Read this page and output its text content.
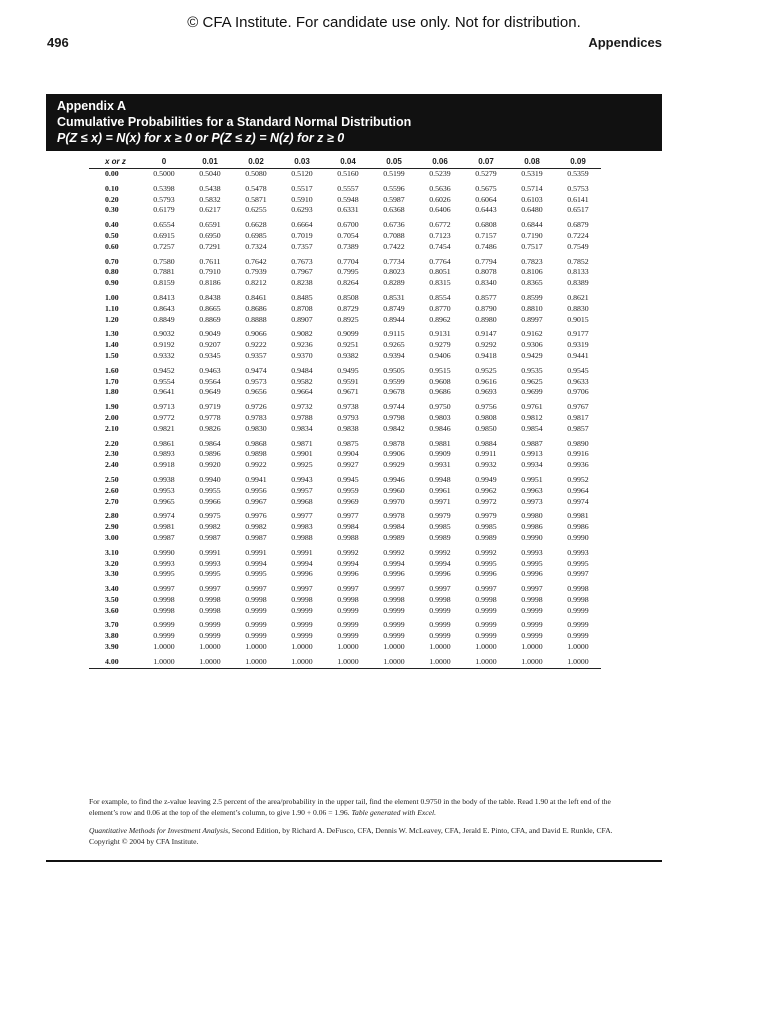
© CFA Institute. For candidate use only. Not for distribution.
496	Appendices
Appendix A
Cumulative Probabilities for a Standard Normal Distribution
P(Z ≤ x) = N(x) for x ≥ 0 or P(Z ≤ z) = N(z) for z ≥ 0
x or z	0	0.01	0.02	0.03	0.04	0.05	0.06	0.07	0.08	0.09
0.00	0.5000	0.5040	0.5080	0.5120	0.5160	0.5199	0.5239	0.5279	0.5319	0.5359
0.10	0.5398	0.5438	0.5478	0.5517	0.5557	0.5596	0.5636	0.5675	0.5714	0.5753
0.20	0.5793	0.5832	0.5871	0.5910	0.5948	0.5987	0.6026	0.6064	0.6103	0.6141
0.30	0.6179	0.6217	0.6255	0.6293	0.6331	0.6368	0.6406	0.6443	0.6480	0.6517
0.40	0.6554	0.6591	0.6628	0.6664	0.6700	0.6736	0.6772	0.6808	0.6844	0.6879
0.50	0.6915	0.6950	0.6985	0.7019	0.7054	0.7088	0.7123	0.7157	0.7190	0.7224
0.60	0.7257	0.7291	0.7324	0.7357	0.7389	0.7422	0.7454	0.7486	0.7517	0.7549
0.70	0.7580	0.7611	0.7642	0.7673	0.7704	0.7734	0.7764	0.7794	0.7823	0.7852
0.80	0.7881	0.7910	0.7939	0.7967	0.7995	0.8023	0.8051	0.8078	0.8106	0.8133
0.90	0.8159	0.8186	0.8212	0.8238	0.8264	0.8289	0.8315	0.8340	0.8365	0.8389
1.00	0.8413	0.8438	0.8461	0.8485	0.8508	0.8531	0.8554	0.8577	0.8599	0.8621
1.10	0.8643	0.8665	0.8686	0.8708	0.8729	0.8749	0.8770	0.8790	0.8810	0.8830
1.20	0.8849	0.8869	0.8888	0.8907	0.8925	0.8944	0.8962	0.8980	0.8997	0.9015
1.30	0.9032	0.9049	0.9066	0.9082	0.9099	0.9115	0.9131	0.9147	0.9162	0.9177
1.40	0.9192	0.9207	0.9222	0.9236	0.9251	0.9265	0.9279	0.9292	0.9306	0.9319
1.50	0.9332	0.9345	0.9357	0.9370	0.9382	0.9394	0.9406	0.9418	0.9429	0.9441
1.60	0.9452	0.9463	0.9474	0.9484	0.9495	0.9505	0.9515	0.9525	0.9535	0.9545
1.70	0.9554	0.9564	0.9573	0.9582	0.9591	0.9599	0.9608	0.9616	0.9625	0.9633
1.80	0.9641	0.9649	0.9656	0.9664	0.9671	0.9678	0.9686	0.9693	0.9699	0.9706
1.90	0.9713	0.9719	0.9726	0.9732	0.9738	0.9744	0.9750	0.9756	0.9761	0.9767
2.00	0.9772	0.9778	0.9783	0.9788	0.9793	0.9798	0.9803	0.9808	0.9812	0.9817
2.10	0.9821	0.9826	0.9830	0.9834	0.9838	0.9842	0.9846	0.9850	0.9854	0.9857
2.20	0.9861	0.9864	0.9868	0.9871	0.9875	0.9878	0.9881	0.9884	0.9887	0.9890
2.30	0.9893	0.9896	0.9898	0.9901	0.9904	0.9906	0.9909	0.9911	0.9913	0.9916
2.40	0.9918	0.9920	0.9922	0.9925	0.9927	0.9929	0.9931	0.9932	0.9934	0.9936
2.50	0.9938	0.9940	0.9941	0.9943	0.9945	0.9946	0.9948	0.9949	0.9951	0.9952
2.60	0.9953	0.9955	0.9956	0.9957	0.9959	0.9960	0.9961	0.9962	0.9963	0.9964
2.70	0.9965	0.9966	0.9967	0.9968	0.9969	0.9970	0.9971	0.9972	0.9973	0.9974
2.80	0.9974	0.9975	0.9976	0.9977	0.9977	0.9978	0.9979	0.9979	0.9980	0.9981
2.90	0.9981	0.9982	0.9982	0.9983	0.9984	0.9984	0.9985	0.9985	0.9986	0.9986
3.00	0.9987	0.9987	0.9987	0.9988	0.9988	0.9989	0.9989	0.9989	0.9990	0.9990
3.10	0.9990	0.9991	0.9991	0.9991	0.9992	0.9992	0.9992	0.9992	0.9993	0.9993
3.20	0.9993	0.9993	0.9994	0.9994	0.9994	0.9994	0.9994	0.9995	0.9995	0.9995
3.30	0.9995	0.9995	0.9995	0.9996	0.9996	0.9996	0.9996	0.9996	0.9996	0.9997
3.40	0.9997	0.9997	0.9997	0.9997	0.9997	0.9997	0.9997	0.9997	0.9997	0.9998
3.50	0.9998	0.9998	0.9998	0.9998	0.9998	0.9998	0.9998	0.9998	0.9998	0.9998
3.60	0.9998	0.9998	0.9999	0.9999	0.9999	0.9999	0.9999	0.9999	0.9999	0.9999
3.70	0.9999	0.9999	0.9999	0.9999	0.9999	0.9999	0.9999	0.9999	0.9999	0.9999
3.80	0.9999	0.9999	0.9999	0.9999	0.9999	0.9999	0.9999	0.9999	0.9999	0.9999
3.90	1.0000	1.0000	1.0000	1.0000	1.0000	1.0000	1.0000	1.0000	1.0000	1.0000
4.00	1.0000	1.0000	1.0000	1.0000	1.0000	1.0000	1.0000	1.0000	1.0000	1.0000

For example, to find the z-value leaving 2.5 percent of the area/probability in the upper tail, find the element 0.9750 in the body of the table. Read 1.90 at the left end of the element’s row and 0.06 at the top of the element’s column, to give 1.90 + 0.06 = 1.96. Table generated with Excel.

Quantitative Methods for Investment Analysis, Second Edition, by Richard A. DeFusco, CFA, Dennis W. McLeavey, CFA, Jerald E. Pinto, CFA, and David E. Runkle, CFA. Copyright © 2004 by CFA Institute.
